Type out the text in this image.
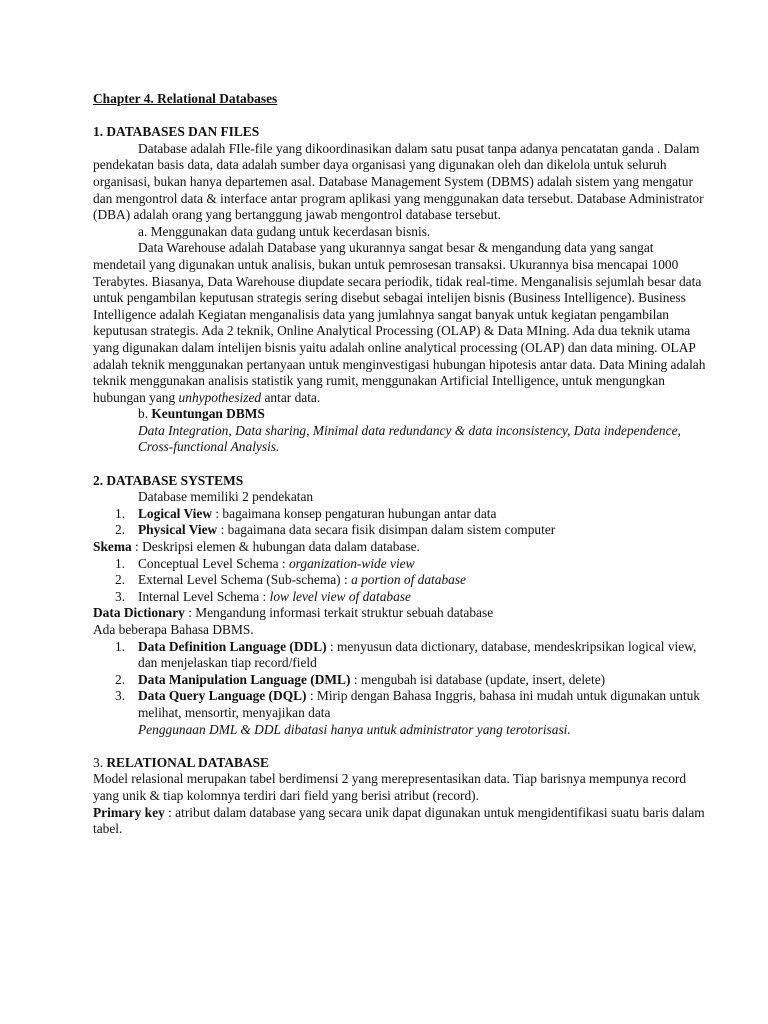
Chapter 4. Relational Databases

1. DATABASES DAN FILES

Database adalah FIle-file yang dikoordinasikan dalam satu pusat tanpa adanya pencatatan ganda . Dalam pendekatan basis data, data adalah sumber daya organisasi yang digunakan oleh dan dikelola untuk seluruh organisasi, bukan hanya departemen asal. Database Management System (DBMS) adalah sistem yang mengatur dan mengontrol data & interface antar program aplikasi yang menggunakan data tersebut. Database Administrator (DBA) adalah orang yang bertanggung jawab mengontrol database tersebut.

a. Menggunakan data gudang untuk kecerdasan bisnis.

Data Warehouse adalah Database yang ukurannya sangat besar & mengandung data yang sangat mendetail yang digunakan untuk analisis, bukan untuk pemrosesan transaksi. Ukurannya bisa mencapai 1000 Terabytes. Biasanya, Data Warehouse diupdate secara periodik, tidak real-time. Menganalisis sejumlah besar data untuk pengambilan keputusan strategis sering disebut sebagai intelijen bisnis (Business Intelligence). Business Intelligence adalah Kegiatan menganalisis data yang jumlahnya sangat banyak untuk kegiatan pengambilan keputusan strategis. Ada 2 teknik, Online Analytical Processing (OLAP) & Data MIning. Ada dua teknik utama yang digunakan dalam intelijen bisnis yaitu adalah online analytical processing (OLAP) dan data mining. OLAP adalah teknik menggunakan pertanyaan untuk menginvestigasi hubungan hipotesis antar data. Data Mining adalah teknik menggunakan analisis statistik yang rumit, menggunakan Artificial Intelligence, untuk mengungkan hubungan yang unhypothesized antar data.

b. Keuntungan DBMS

Data Integration, Data sharing, Minimal data redundancy & data inconsistency, Data independence, Cross-functional Analysis.

2. DATABASE SYSTEMS

Database memiliki 2 pendekatan

1. Logical View : bagaimana konsep pengaturan hubungan antar data
2. Physical View : bagaimana data secara fisik disimpan dalam sistem computer

Skema : Deskripsi elemen & hubungan data dalam database.

1. Conceptual Level Schema : organization-wide view
2. External Level Schema (Sub-schema) : a portion of database
3. Internal Level Schema : low level view of database

Data Dictionary : Mengandung informasi terkait struktur sebuah database

Ada beberapa Bahasa DBMS.

1. Data Definition Language (DDL) : menyusun data dictionary, database, mendeskripsikan logical view, dan menjelaskan tiap record/field
2. Data Manipulation Language (DML) : mengubah isi database (update, insert, delete)
3. Data Query Language (DQL) : Mirip dengan Bahasa Inggris, bahasa ini mudah untuk digunakan untuk melihat, mensortir, menyajikan data

Penggunaan DML & DDL dibatasi hanya untuk administrator yang terotorisasi.

3. RELATIONAL DATABASE

Model relasional merupakan tabel berdimensi 2 yang merepresentasikan data. Tiap barisnya mempunya record yang unik & tiap kolomnya terdiri dari field yang berisi atribut (record).

Primary key : atribut dalam database yang secara unik dapat digunakan untuk mengidentifikasi suatu baris dalam tabel.
